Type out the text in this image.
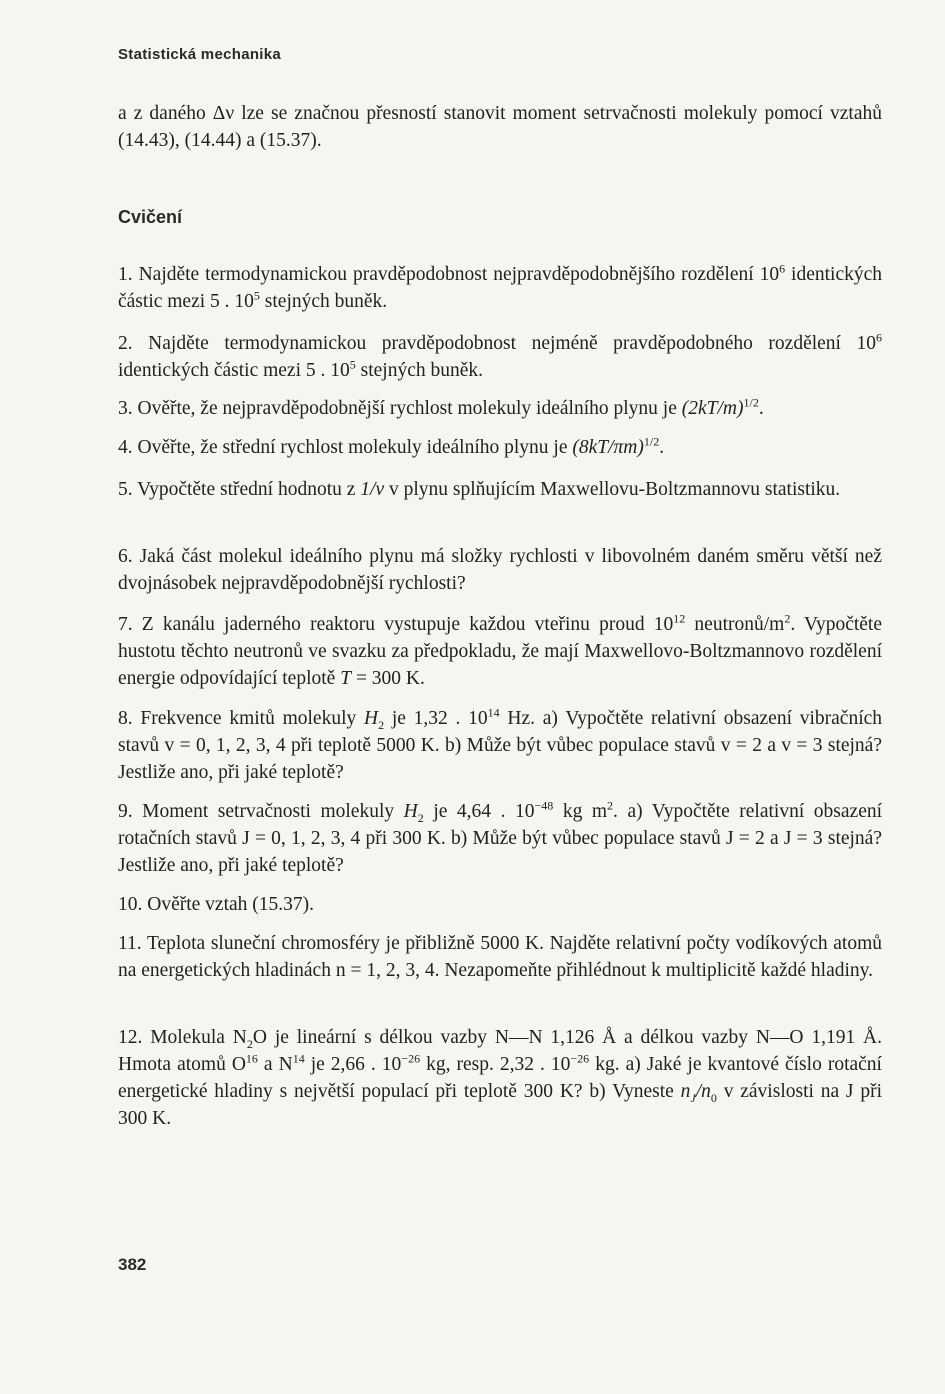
Statistická mechanika
a z daného Δν lze se značnou přesností stanovit moment setrvačnosti molekuly pomocí vztahů (14.43), (14.44) a (15.37).
Cvičení
1. Najděte termodynamickou pravděpodobnost nejpravděpodobnějšího rozdělení $10^6$ identických částic mezi 5 . $10^5$ stejných buněk.
2. Najděte termodynamickou pravděpodobnost nejméně pravděpodobného rozdělení $10^6$ identických částic mezi 5 . $10^5$ stejných buněk.
3. Ověřte, že nejpravděpodobnější rychlost molekuly ideálního plynu je $(2kT/m)^{1/2}$.
4. Ověřte, že střední rychlost molekuly ideálního plynu je $(8kT/\pi m)^{1/2}$.
5. Vypočtěte střední hodnotu z 1/v v plynu splňujícím Maxwellovu-Boltzmannovu statistiku.
6. Jaká část molekul ideálního plynu má složky rychlosti v libovolném daném směru větší než dvojnásobek nejpravděpodobnější rychlosti?
7. Z kanálu jaderného reaktoru vystupuje každou vteřinu proud $10^{12}$ neutronů/$m^2$. Vypočtěte hustotu těchto neutronů ve svazku za předpokladu, že mají Maxwellovo-Boltzmannovo rozdělení energie odpovídající teplotě T = 300 K.
8. Frekvence kmitů molekuly $H_2$ je 1,32 . $10^{14}$ Hz. a) Vypočtěte relativní obsazení vibračních stavů v = 0, 1, 2, 3, 4 při teplotě 5000 K. b) Může být vůbec populace stavů v = 2 a v = 3 stejná? Jestliže ano, při jaké teplotě?
9. Moment setrvačnosti molekuly $H_2$ je 4,64 . $10^{-48}$ kg $m^2$. a) Vypočtěte relativní obsazení rotačních stavů J = 0, 1, 2, 3, 4 při 300 K. b) Může být vůbec populace stavů J = 2 a J = 3 stejná? Jestliže ano, při jaké teplotě?
10. Ověřte vztah (15.37).
11. Teplota sluneční chromosféry je přibližně 5000 K. Najděte relativní počty vodíkových atomů na energetických hladinách n = 1, 2, 3, 4. Nezapomeňte přihlédnout k multiplicitě každé hladiny.
12. Molekula $N_2O$ je lineární s délkou vazby N—N 1,126 Å a délkou vazby N—O 1,191 Å. Hmota atomů $O^{16}$ a $N^{14}$ je 2,66 . $10^{-26}$ kg, resp. 2,32 . $10^{-26}$ kg. a) Jaké je kvantové číslo rotační energetické hladiny s největší populací při teplotě 300 K? b) Vyneste $n_J/n_0$ v závislosti na J při 300 K.
382
